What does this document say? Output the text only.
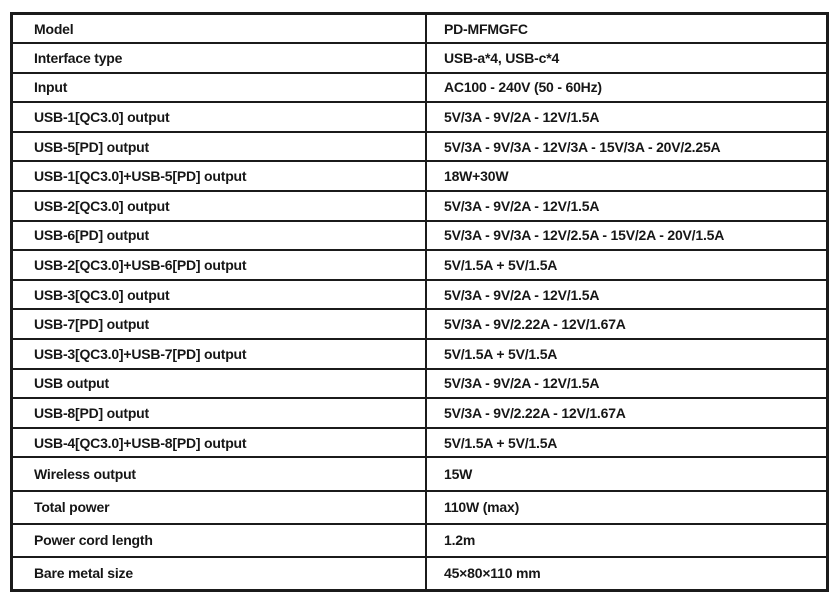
Model	PD-MFMGFC
Interface type	USB-a*4, USB-c*4
Input	AC100 - 240V (50 - 60Hz)
USB-1[QC3.0] output	5V/3A - 9V/2A - 12V/1.5A
USB-5[PD] output	5V/3A - 9V/3A - 12V/3A - 15V/3A - 20V/2.25A
USB-1[QC3.0]+USB-5[PD] output	18W+30W
USB-2[QC3.0] output	5V/3A - 9V/2A - 12V/1.5A
USB-6[PD] output	5V/3A - 9V/3A - 12V/2.5A - 15V/2A - 20V/1.5A
USB-2[QC3.0]+USB-6[PD] output	5V/1.5A + 5V/1.5A
USB-3[QC3.0] output	5V/3A - 9V/2A - 12V/1.5A
USB-7[PD] output	5V/3A - 9V/2.22A - 12V/1.67A
USB-3[QC3.0]+USB-7[PD] output	5V/1.5A + 5V/1.5A
USB output	5V/3A - 9V/2A - 12V/1.5A
USB-8[PD] output	5V/3A - 9V/2.22A - 12V/1.67A
USB-4[QC3.0]+USB-8[PD] output	5V/1.5A + 5V/1.5A
Wireless output	15W
Total power	110W (max)
Power cord length	1.2m
Bare metal size	45×80×110 mm
